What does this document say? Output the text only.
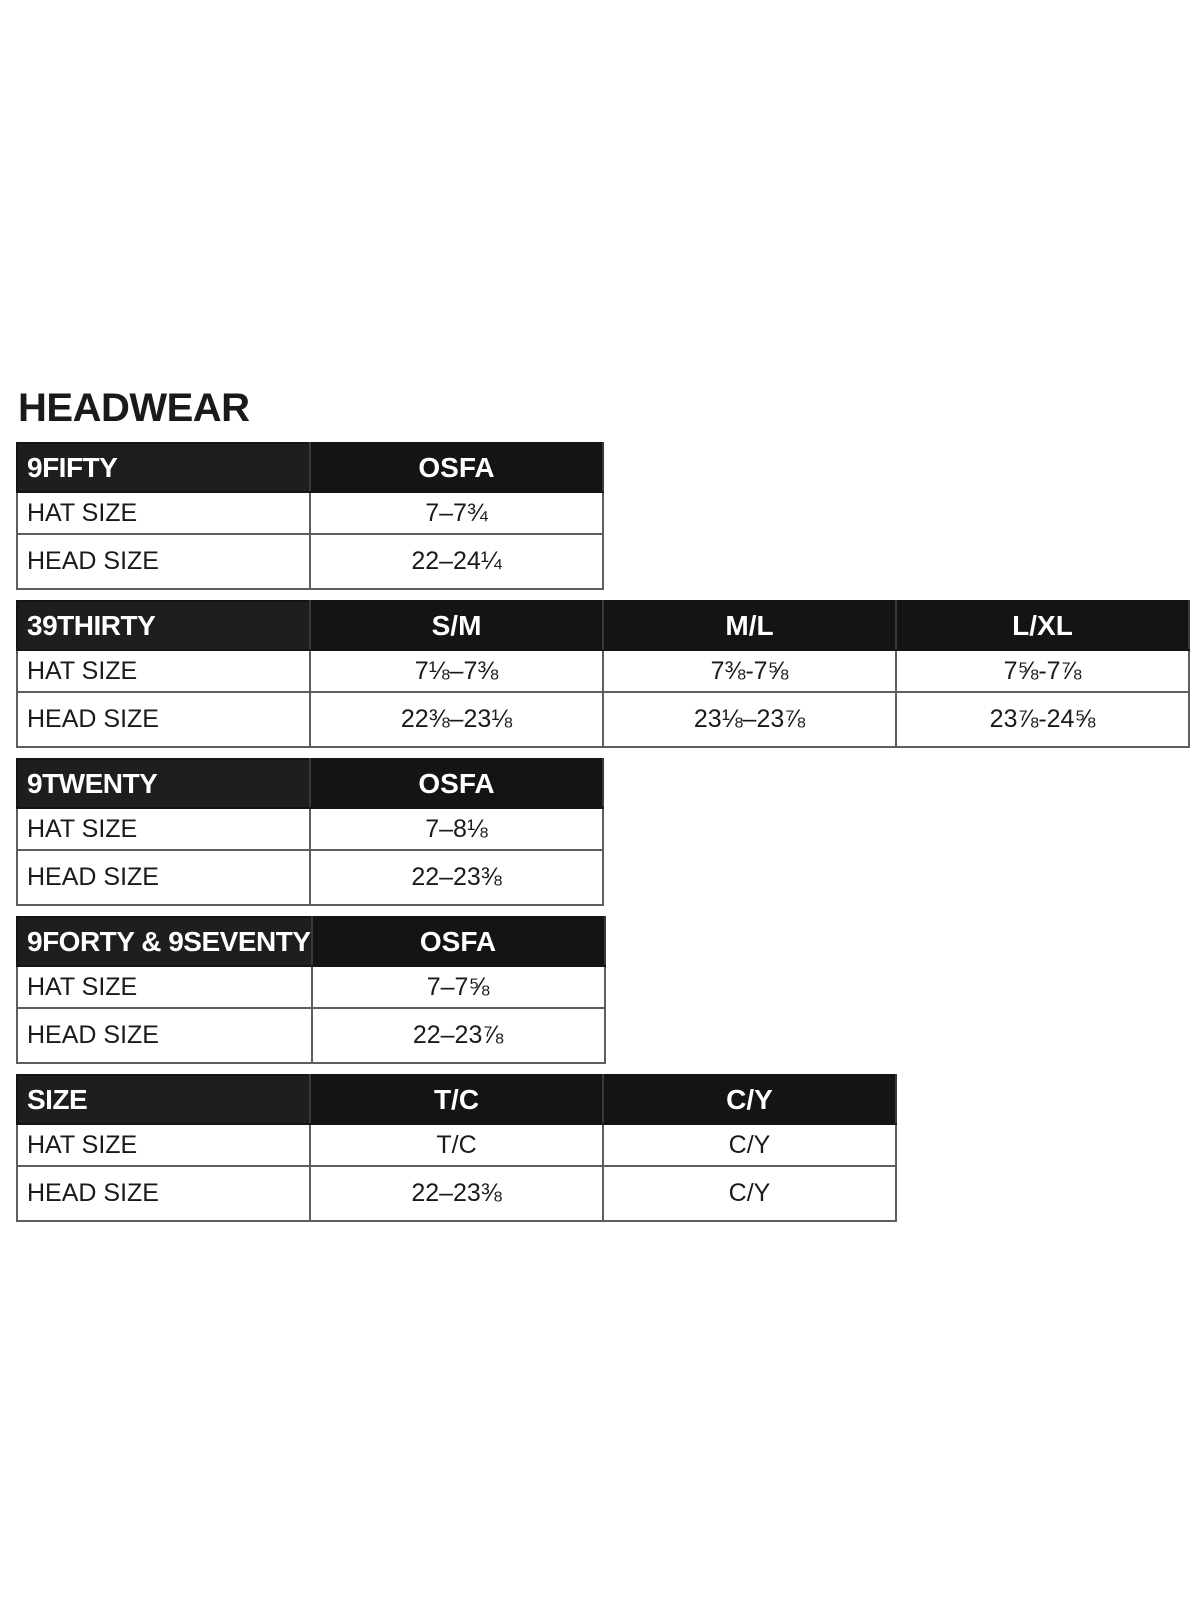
HEADWEAR
9FIFTY	OSFA
HAT SIZE	7–7¾
HEAD SIZE	22–24¼
39THIRTY	S/M	M/L	L/XL
HAT SIZE	7⅛–7⅜	7⅜-7⅝	7⅝-7⅞
HEAD SIZE	22⅜–23⅛	23⅛–23⅞	23⅞-24⅝
9TWENTY	OSFA
HAT SIZE	7–8⅛
HEAD SIZE	22–23⅜
9FORTY & 9SEVENTY	OSFA
HAT SIZE	7–7⅝
HEAD SIZE	22–23⅞
SIZE	T/C	C/Y
HAT SIZE	T/C	C/Y
HEAD SIZE	22–23⅜	C/Y
